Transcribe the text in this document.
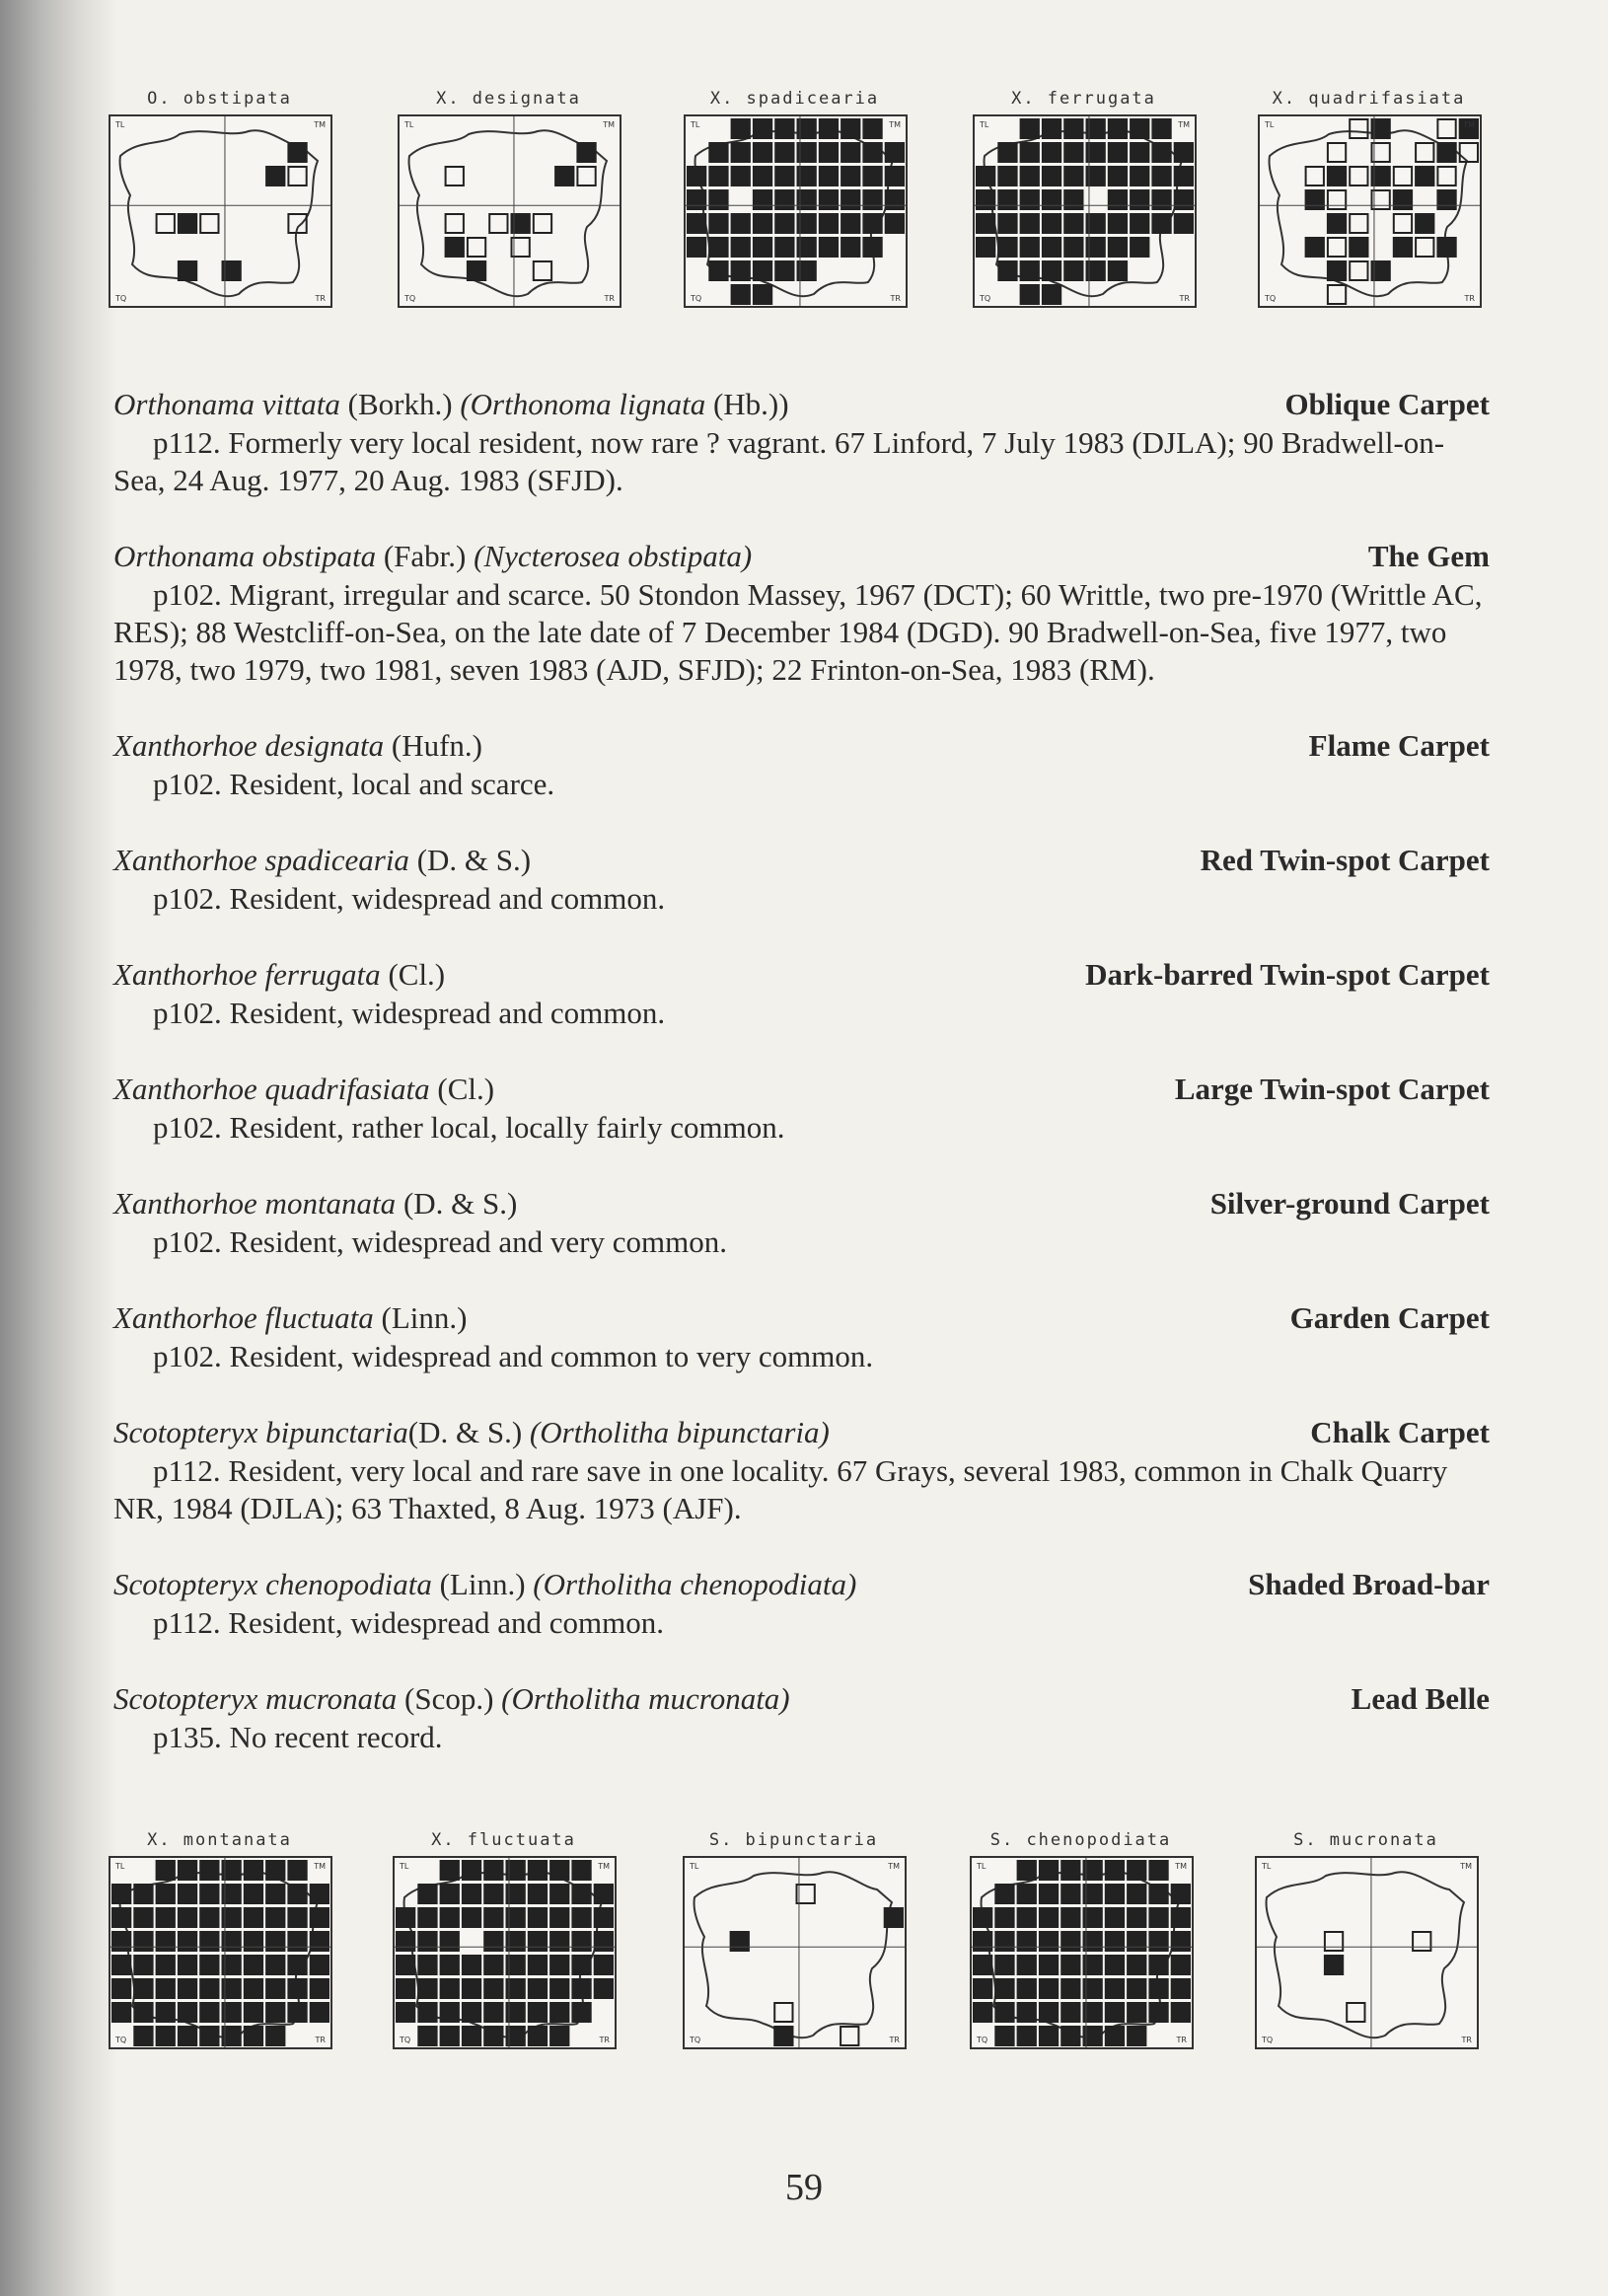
O. obstipata
TL	TM
TQ	TR
X. designata
TL	TM
TQ	TR
X. spadicearia
TL	TM
TQ	TR
X. ferrugata
TL	TM
TQ	TR
X. quadrifasiata
TL	TM
TQ	TR
Orthonama vittata (Borkh.) (Orthonoma lignata (Hb.))	Oblique Carpet
p112. Formerly very local resident, now rare ? vagrant. 67 Linford, 7 July 1983 (DJLA); 90 Bradwell-on-Sea, 24 Aug. 1977, 20 Aug. 1983 (SFJD).
Orthonama obstipata (Fabr.) (Nycterosea obstipata)	The Gem
p102. Migrant, irregular and scarce. 50 Stondon Massey, 1967 (DCT); 60 Writtle, two pre-1970 (Writtle AC, RES); 88 Westcliff-on-Sea, on the late date of 7 December 1984 (DGD). 90 Bradwell-on-Sea, five 1977, two 1978, two 1979, two 1981, seven 1983 (AJD, SFJD); 22 Frinton-on-Sea, 1983 (RM).
Xanthorhoe designata (Hufn.)	Flame Carpet
p102. Resident, local and scarce.
Xanthorhoe spadicearia (D. & S.)	Red Twin-spot Carpet
p102. Resident, widespread and common.
Xanthorhoe ferrugata (Cl.)	Dark-barred Twin-spot Carpet
p102. Resident, widespread and common.
Xanthorhoe quadrifasiata (Cl.)	Large Twin-spot Carpet
p102. Resident, rather local, locally fairly common.
Xanthorhoe montanata (D. & S.)	Silver-ground Carpet
p102. Resident, widespread and very common.
Xanthorhoe fluctuata (Linn.)	Garden Carpet
p102. Resident, widespread and common to very common.
Scotopteryx bipunctaria(D. & S.) (Ortholitha bipunctaria)	Chalk Carpet
p112. Resident, very local and rare save in one locality. 67 Grays, several 1983, common in Chalk Quarry NR, 1984 (DJLA); 63 Thaxted, 8 Aug. 1973 (AJF).
Scotopteryx chenopodiata (Linn.) (Ortholitha chenopodiata)	Shaded Broad-bar
p112. Resident, widespread and common.
Scotopteryx mucronata (Scop.) (Ortholitha mucronata)	Lead Belle
p135. No recent record.
X. montanata
TL	TM
TQ	TR
X. fluctuata
TL	TM
TQ	TR
S. bipunctaria
TL	TM
TQ	TR
S. chenopodiata
TL	TM
TQ	TR
S. mucronata
TL	TM
TQ	TR
59
